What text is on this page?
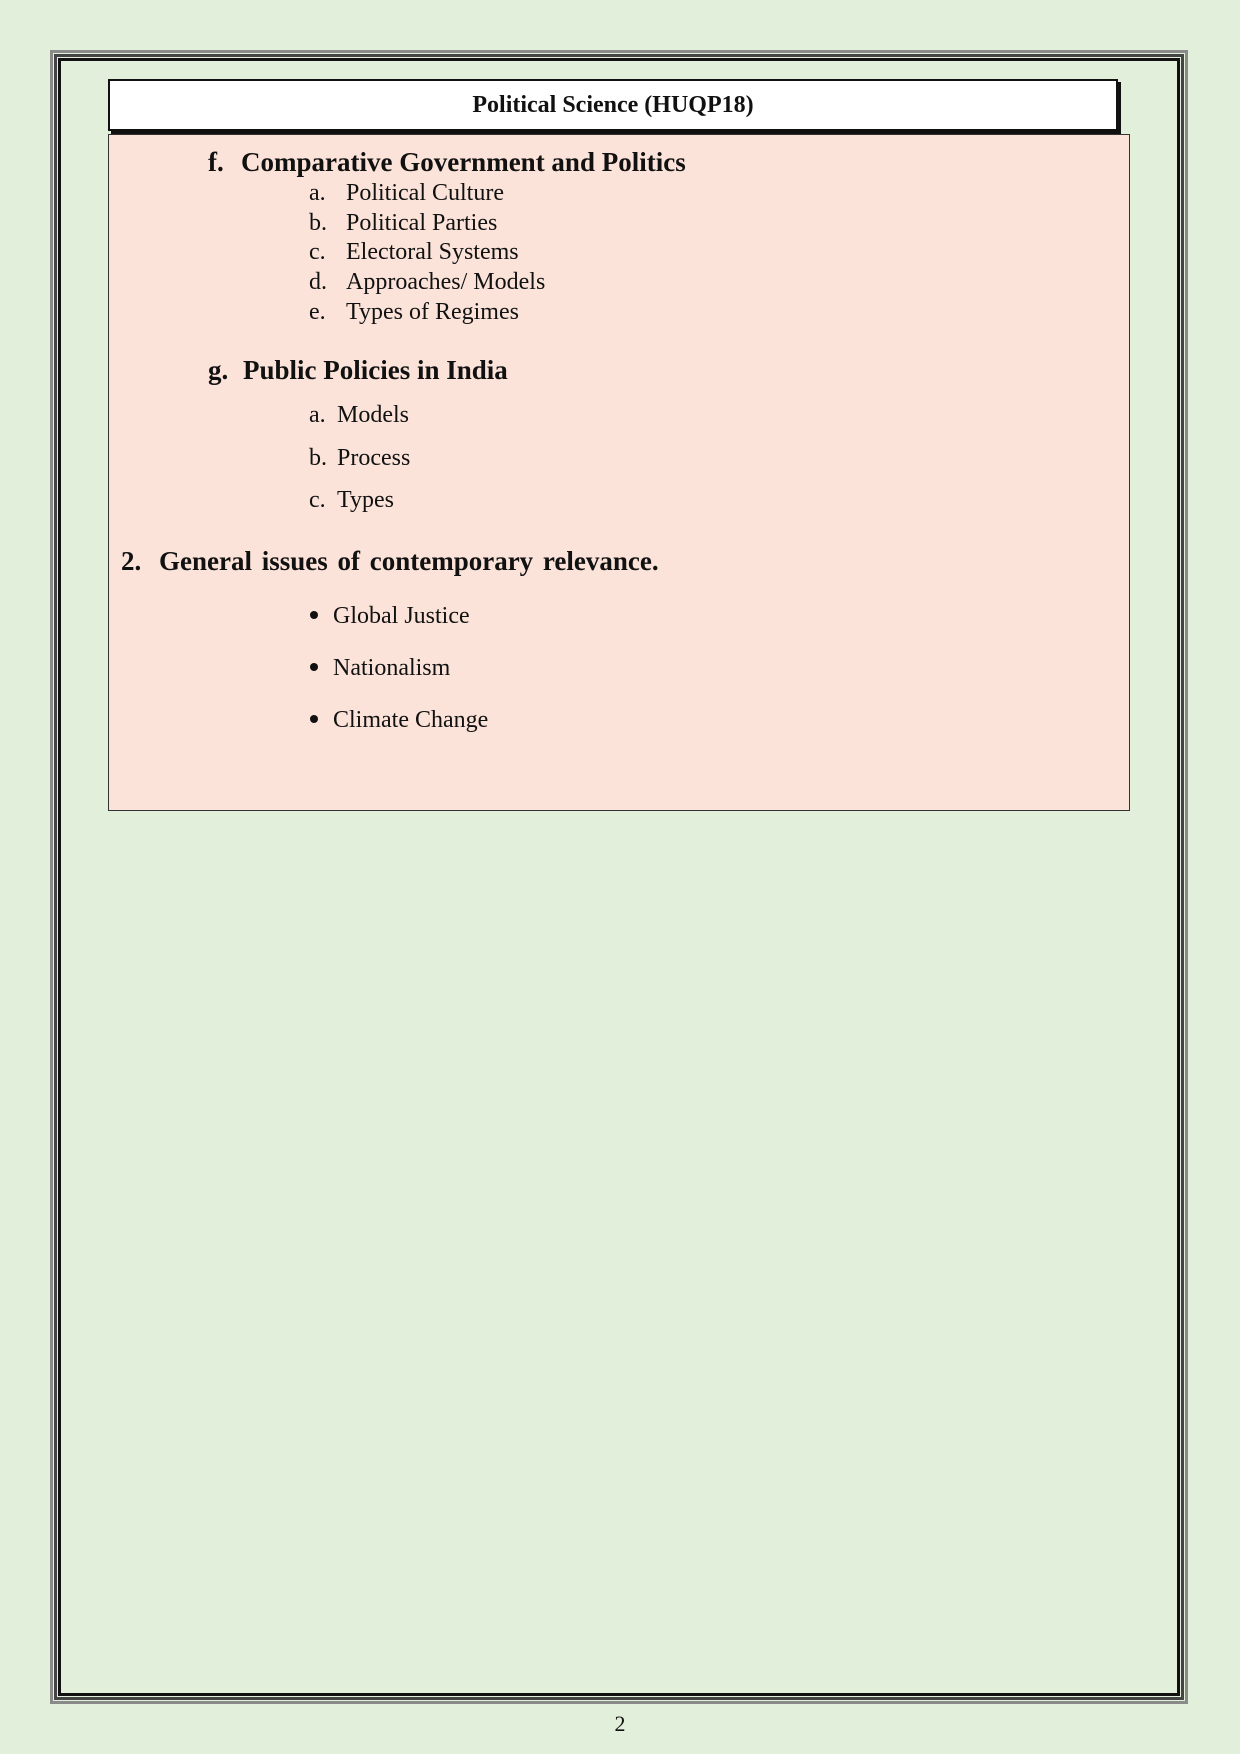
Political Science (HUQP18)
f. Comparative Government and Politics
a. Political Culture
b. Political Parties
c. Electoral Systems
d. Approaches/ Models
e. Types of Regimes
g. Public Policies in India
a. Models
b. Process
c. Types
2. General issues of contemporary relevance.
Global Justice
Nationalism
Climate Change
2
